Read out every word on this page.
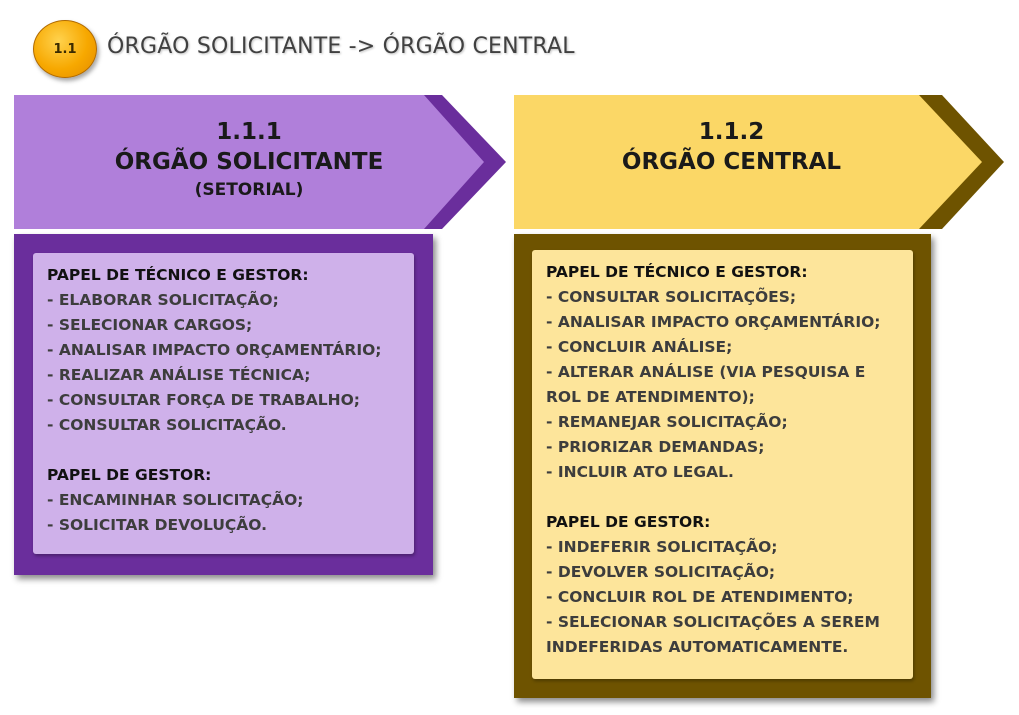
1.1 ÓRGÃO SOLICITANTE -> ÓRGÃO CENTRAL
1.1.1
ÓRGÃO SOLICITANTE
(SETORIAL)
1.1.2
ÓRGÃO CENTRAL
PAPEL DE TÉCNICO E GESTOR:
- ELABORAR SOLICITAÇÃO;
- SELECIONAR CARGOS;
- ANALISAR IMPACTO ORÇAMENTÁRIO;
- REALIZAR ANÁLISE TÉCNICA;
- CONSULTAR FORÇA DE TRABALHO;
- CONSULTAR SOLICITAÇÃO.
PAPEL DE GESTOR:
- ENCAMINHAR SOLICITAÇÃO;
- SOLICITAR DEVOLUÇÃO.
PAPEL DE TÉCNICO E GESTOR:
- CONSULTAR SOLICITAÇÕES;
- ANALISAR IMPACTO ORÇAMENTÁRIO;
- CONCLUIR ANÁLISE;
- ALTERAR ANÁLISE (VIA PESQUISA E
ROL DE ATENDIMENTO);
- REMANEJAR SOLICITAÇÃO;
- PRIORIZAR DEMANDAS;
- INCLUIR ATO LEGAL.
PAPEL DE GESTOR:
- INDEFERIR SOLICITAÇÃO;
- DEVOLVER SOLICITAÇÃO;
- CONCLUIR ROL DE ATENDIMENTO;
- SELECIONAR SOLICITAÇÕES A SEREM
INDEFERIDAS AUTOMATICAMENTE.
